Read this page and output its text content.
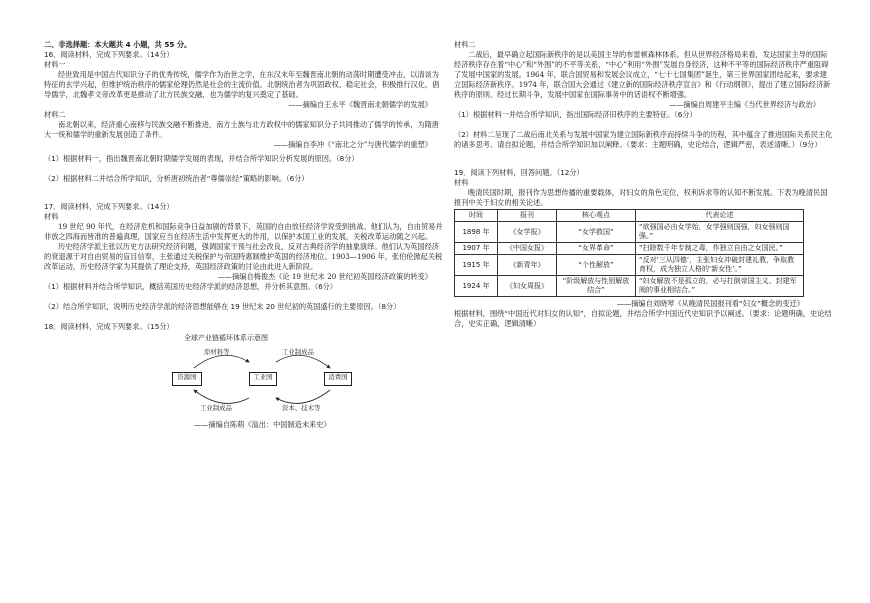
二、非选择题：本大题共 4 小题，共 55 分。

16．阅读材料，完成下列要求。（14分）

材料一

经世致用是中国古代知识分子的优秀传统，儒学作为治世之学，在东汉末年至魏晋南北朝的动荡时期遭受冲击，以清谈为特征的玄学兴起，但维护统治秩序的儒家伦理仍然是社会的主流价值。北朝统治者为巩固政权、稳定社会，积极推行汉化，倡导儒学，北魏孝文帝改革更是推动了北方民族交融，也为儒学的复兴奠定了基础。

——摘编自王永平《魏晋南北朝儒学的发展》

材料二

南北朝以来，经济重心南移与民族交融不断推进，南方士族与北方政权中的儒家知识分子共同推动了儒学的传承，为隋唐大一统和儒学的重新发展创造了条件。

——摘编自李冲《“南北之分”与唐代儒学的重塑》

（1）根据材料一，指出魏晋南北朝时期儒学发展的表现，并结合所学知识分析发展的原因。（8分）

（2）根据材料二并结合所学知识，分析唐初统治者“尊儒崇经”策略的影响。（6分）

17．阅读材料，完成下列要求。（14分）

材料

19 世纪 90 年代，在经济危机和国际竞争日益加剧的背景下，英国的自由放任经济学说受到挑战。他们认为，自由贸易并非放之四海而皆准的普遍真理，国家应当在经济生活中发挥更大的作用，以保护本国工业的发展，关税改革运动随之兴起。

历史经济学派主张以历史方法研究经济问题，强调国家干预与社会改良，反对古典经济学的抽象演绎。他们认为英国经济的衰退源于对自由贸易的盲目信奉，主张通过关税保护与帝国特惠制维护英国的经济地位。1903—1906 年，张伯伦掀起关税改革运动，历史经济学家为其提供了理论支持，英国经济政策的讨论由此进入新阶段。

——摘编自梅俊杰《论 19 世纪末 20 世纪初英国经济政策的转变》

（1）根据材料并结合所学知识，概括英国历史经济学派的经济思想，并分析其意图。（6分）

（2）结合所学知识，说明历史经济学派的经济思想能够在 19 世纪末 20 世纪初的英国盛行的主要原因。（8分）

18．阅读材料，完成下列要求。（15分）

全球产业链循环体系示意图
资源国	工业国	消费国
原材料等	工业制成品
工业制成品	资本、技术等

——摘编自陈萌《溢出：中国制造未来史》

材料二

二战后，最早确立起国际新秩序的是以美国主导的布雷顿森林体系。但从世界经济格局来看，发达国家主导的国际经济秩序存在着“中心”和“外围”的不平等关系，“中心”利用“外围”发展自身经济，这种不平等的国际经济秩序严重阻碍了发展中国家的发展。1964 年，联合国贸易和发展会议成立，“七十七国集团”诞生，第三世界国家团结起来，要求建立国际经济新秩序。1974 年，联合国大会通过《建立新的国际经济秩序宣言》和《行动纲领》，提出了建立国际经济新秩序的原则。经过长期斗争，发展中国家在国际事务中的话语权不断增强。

——摘编自周建平主编《当代世界经济与政治》

（1）根据材料一并结合所学知识，指出国际经济旧秩序的主要特征。（6分）

（2）材料二呈现了二战后南北关系与发展中国家为建立国际新秩序而持续斗争的历程，其中蕴含了推进国际关系民主化的诸多思考。请自拟论题，并结合所学知识加以阐释。（要求：主题明确，史论结合，逻辑严密，表述清晰。）（9分）

19．阅读下列材料，回答问题。（12分）

材料

晚清民国时期，报刊作为思想传播的重要载体，对妇女的角色定位，权利诉求等的认知不断发展。下表为晚清民国报刊中关于妇女的相关论述。

时间	报刊	核心观点	代表论述
1898 年	《女学报》	“女学救国”	“欲强国必由女学始，女学强则国强，妇女强则国强。”
1907 年	《中国女报》	“女界革命”	“扫除数千年专制之毒，作独立自由之女国民。”
1915 年	《新青年》	“个性解放”	“反对‘三从四德’，主张妇女冲破封建礼教，争取教育权，成为独立人格的‘新女性’。”
1924 年	《妇女周报》	“阶级解放与性别解放结合”	“妇女解放不是孤立的，必与打倒帝国主义、封建军阀的事业相结合。”

——摘编自刘晓琴《从晚清民国报刊看“妇女”概念的变迁》

根据材料，围绕“中国近代对妇女的认知”，自拟论题，并结合所学中国近代史知识予以阐述。（要求：论题明确，史论结合，史实正确，逻辑清晰）
